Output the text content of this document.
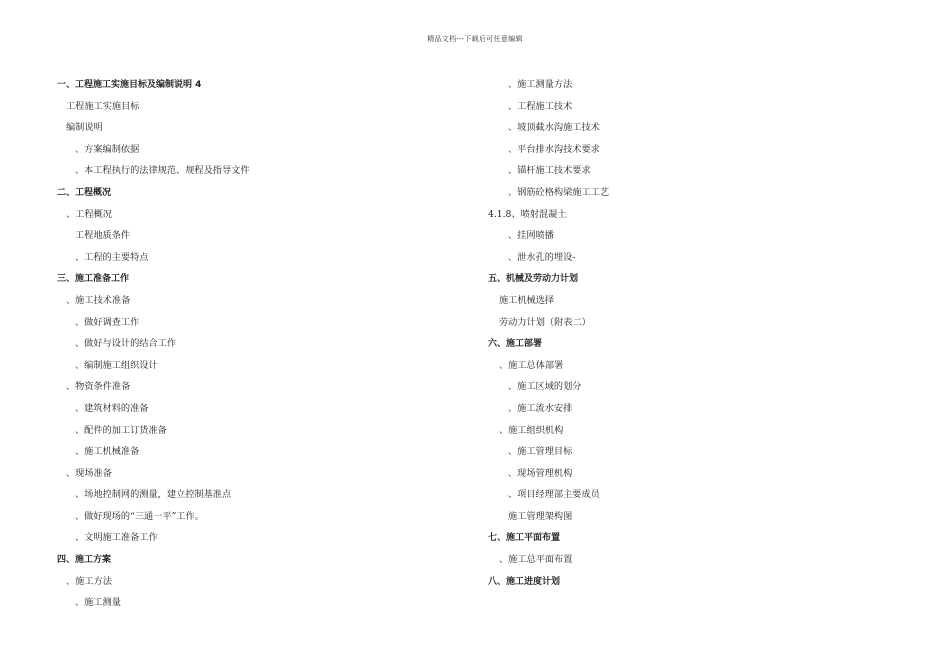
精品文档---下载后可任意编辑
一、工程施工实施目标及编制说明 4
工程施工实施目标
编制说明
、方案编制依据
、本工程执行的法律规范、规程及指导文件
二、工程概况
、工程概况
工程地质条件
、工程的主要特点
三、施工准备工作
、施工技术准备
、做好调查工作
、做好与设计的结合工作
、编制施工组织设计
、物资条件准备
、建筑材料的准备
、配件的加工订货准备
、施工机械准备
、现场准备
、场地控制网的测量，建立控制基准点
、做好现场的“三通一平”工作。
、文明施工准备工作
四、施工方案
、施工方法
、施工测量
、施工测量方法
、工程施工技术
、坡顶截水沟施工技术
、平台排水沟技术要求
、锚杆施工技术要求
、钢筋砼格构梁施工工艺
4.1.8、喷射混凝土
、挂网喷播
、泄水孔的埋设-
五、机械及劳动力计划
施工机械选择
劳动力计划（附表二）
六、施工部署
、施工总体部署
、施工区域的划分
、施工流水安排
、施工组织机构
、施工管理目标
、现场管理机构
、项目经理部主要成员
施工管理架构图
七、施工平面布置
、施工总平面布置
八、施工进度计划
